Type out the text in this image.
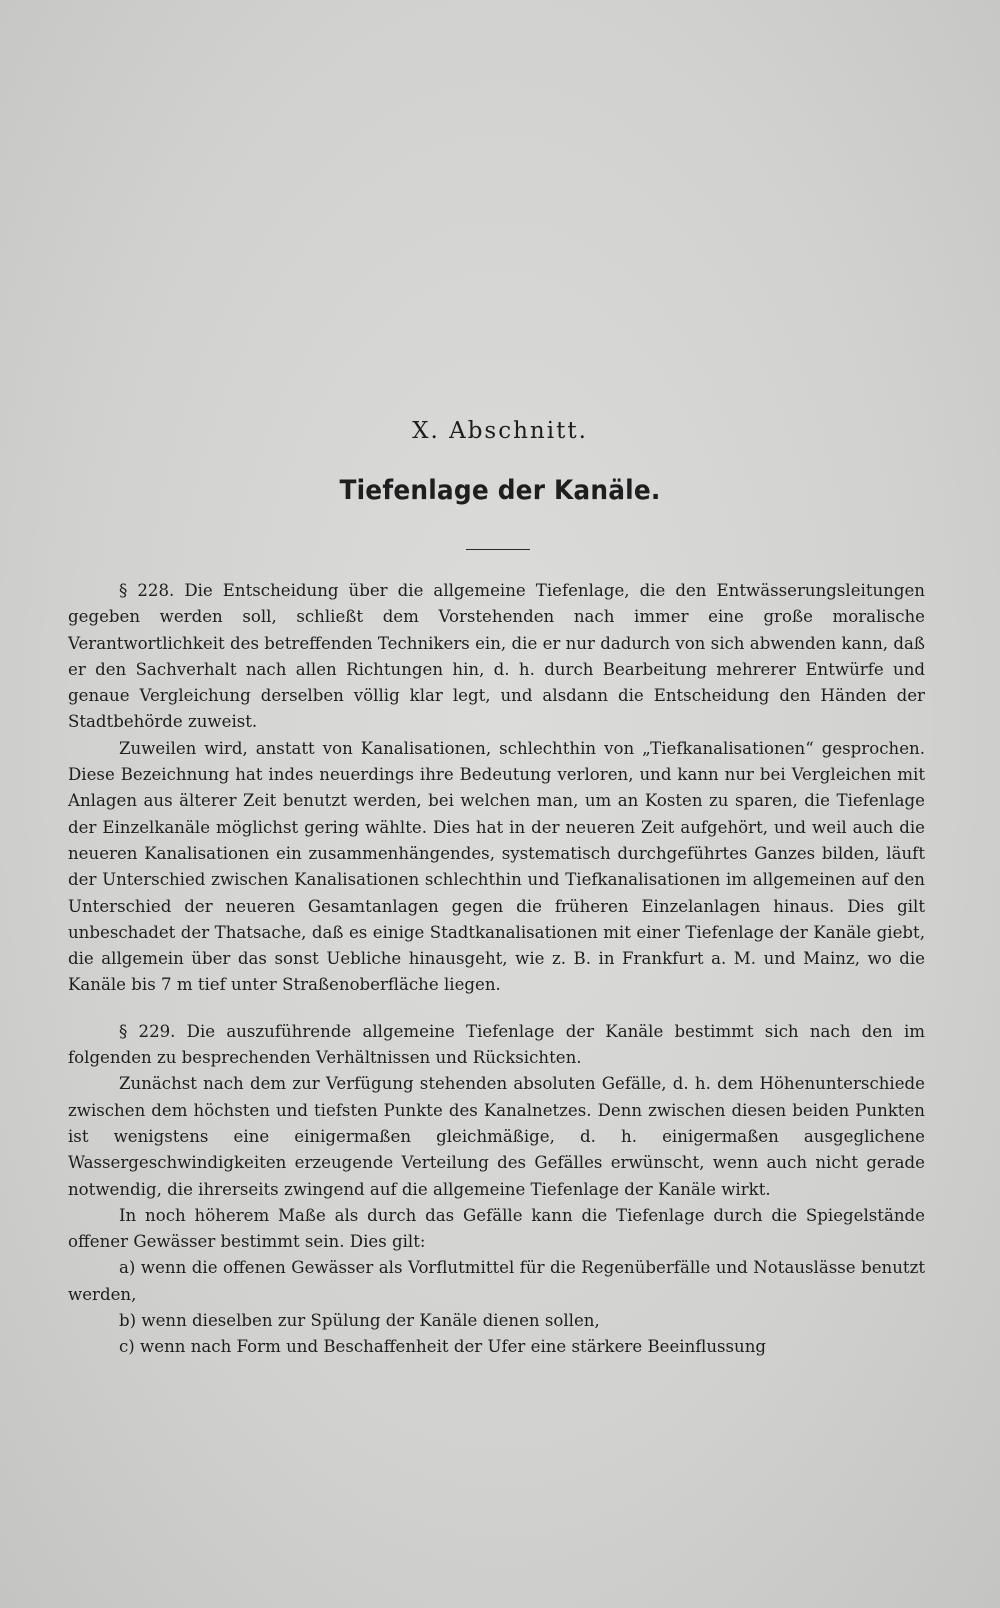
X. Abschnitt.
Tiefenlage der Kanäle.

§ 228. Die Entscheidung über die allgemeine Tiefenlage, die den Entwässerungsleitungen gegeben werden soll, schließt dem Vorstehenden nach immer eine große moralische Verantwortlichkeit des betreffenden Technikers ein, die er nur dadurch von sich abwenden kann, daß er den Sachverhalt nach allen Richtungen hin, d. h. durch Bearbeitung mehrerer Entwürfe und genaue Vergleichung derselben völlig klar legt, und alsdann die Entscheidung den Händen der Stadtbehörde zuweist.

Zuweilen wird, anstatt von Kanalisationen, schlechthin von „Tiefkanalisationen“ gesprochen. Diese Bezeichnung hat indes neuerdings ihre Bedeutung verloren, und kann nur bei Vergleichen mit Anlagen aus älterer Zeit benutzt werden, bei welchen man, um an Kosten zu sparen, die Tiefenlage der Einzelkanäle möglichst gering wählte. Dies hat in der neueren Zeit aufgehört, und weil auch die neueren Kanalisationen ein zusammenhängendes, systematisch durchgeführtes Ganzes bilden, läuft der Unterschied zwischen Kanalisationen schlechthin und Tiefkanalisationen im allgemeinen auf den Unterschied der neueren Gesamtanlagen gegen die früheren Einzelanlagen hinaus. Dies gilt unbeschadet der Thatsache, daß es einige Stadtkanalisationen mit einer Tiefenlage der Kanäle giebt, die allgemein über das sonst Uebliche hinausgeht, wie z. B. in Frankfurt a. M. und Mainz, wo die Kanäle bis 7 m tief unter Straßenoberfläche liegen.

§ 229. Die auszuführende allgemeine Tiefenlage der Kanäle bestimmt sich nach den im folgenden zu besprechenden Verhältnissen und Rücksichten.

Zunächst nach dem zur Verfügung stehenden absoluten Gefälle, d. h. dem Höhenunterschiede zwischen dem höchsten und tiefsten Punkte des Kanalnetzes. Denn zwischen diesen beiden Punkten ist wenigstens eine einigermaßen gleichmäßige, d. h. einigermaßen ausgeglichene Wassergeschwindigkeiten erzeugende Verteilung des Gefälles erwünscht, wenn auch nicht gerade notwendig, die ihrerseits zwingend auf die allgemeine Tiefenlage der Kanäle wirkt.

In noch höherem Maße als durch das Gefälle kann die Tiefenlage durch die Spiegelstände offener Gewässer bestimmt sein. Dies gilt:

a) wenn die offenen Gewässer als Vorflutmittel für die Regenüberfälle und Notauslässe benutzt werden,

b) wenn dieselben zur Spülung der Kanäle dienen sollen,

c) wenn nach Form und Beschaffenheit der Ufer eine stärkere Beeinflussung
